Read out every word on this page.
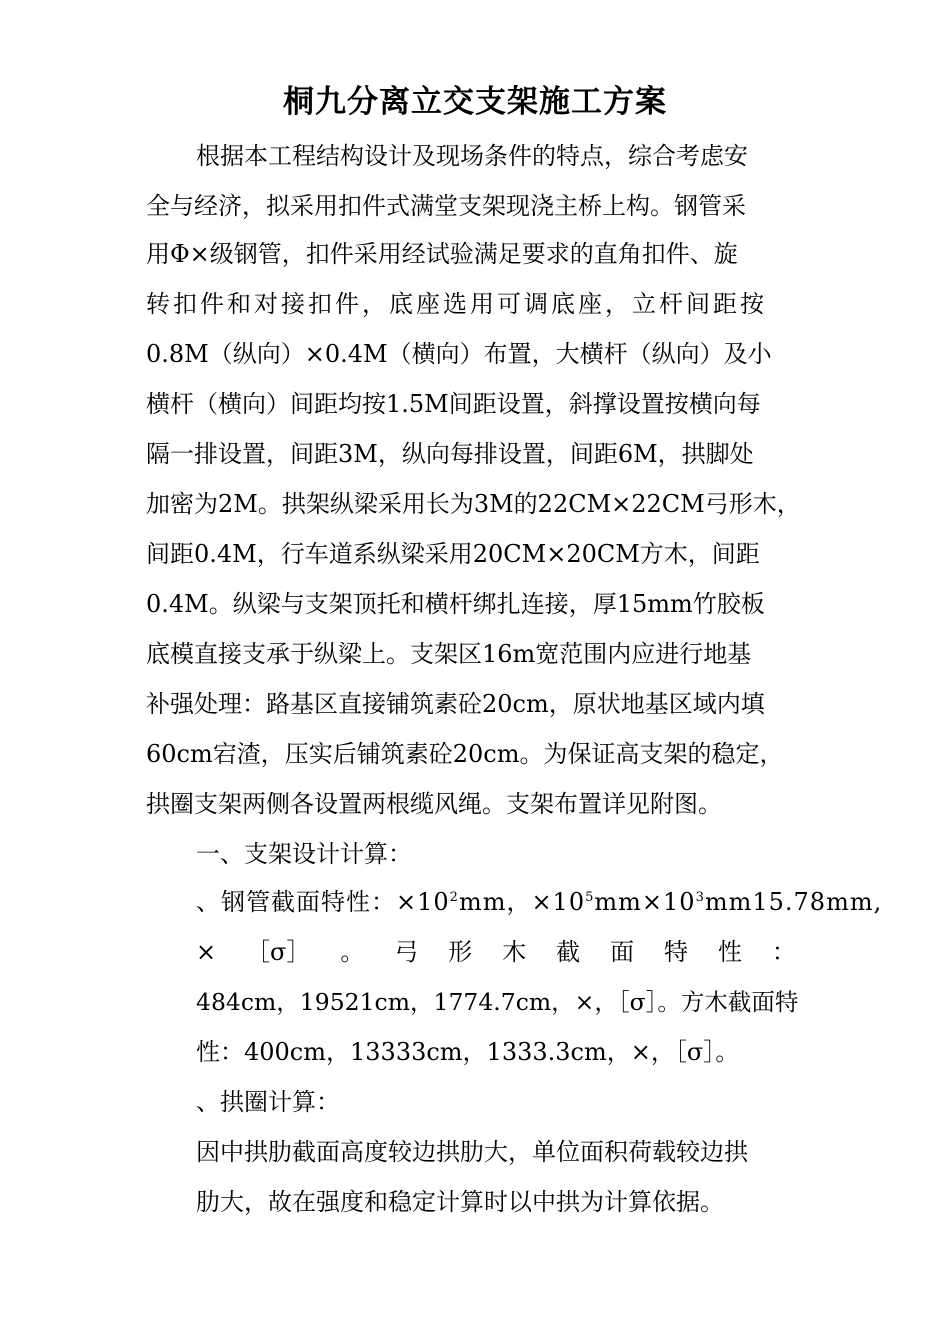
桐九分离立交支架施工方案
根据本工程结构设计及现场条件的特点，综合考虑安
全与经济，拟采用扣件式满堂支架现浇主桥上构。钢管采
用Φ×级钢管，扣件采用经试验满足要求的直角扣件、旋
转扣件和对接扣件，底座选用可调底座，立杆间距按
0.8M（纵向）×0.4M（横向）布置，大横杆（纵向）及小
横杆（横向）间距均按1.5M间距设置，斜撑设置按横向每
隔一排设置，间距3M，纵向每排设置，间距6M，拱脚处
加密为2M。拱架纵梁采用长为3M的22CM×22CM弓形木，
间距0.4M，行车道系纵梁采用20CM×20CM方木，间距
0.4M。纵梁与支架顶托和横杆绑扎连接，厚15mm竹胶板
底模直接支承于纵梁上。支架区16m宽范围内应进行地基
补强处理：路基区直接铺筑素砼20cm，原状地基区域内填
60cm宕渣，压实后铺筑素砼20cm。为保证高支架的稳定，
拱圈支架两侧各设置两根缆风绳。支架布置详见附图。
一、支架设计计算：
、钢管截面特性：$\times 10^2mm$，$\times 10^5mm\times 10^3mm15.78mm$,
× ［σ］ 。 弓 形 木 截 面 特 性 ：
484cm，19521cm，1774.7cm，×，［σ］。方木截面特
性：400cm，13333cm，1333.3cm，×，［σ］。
、拱圈计算：
因中拱肋截面高度较边拱肋大，单位面积荷载较边拱
肋大，故在强度和稳定计算时以中拱为计算依据。
